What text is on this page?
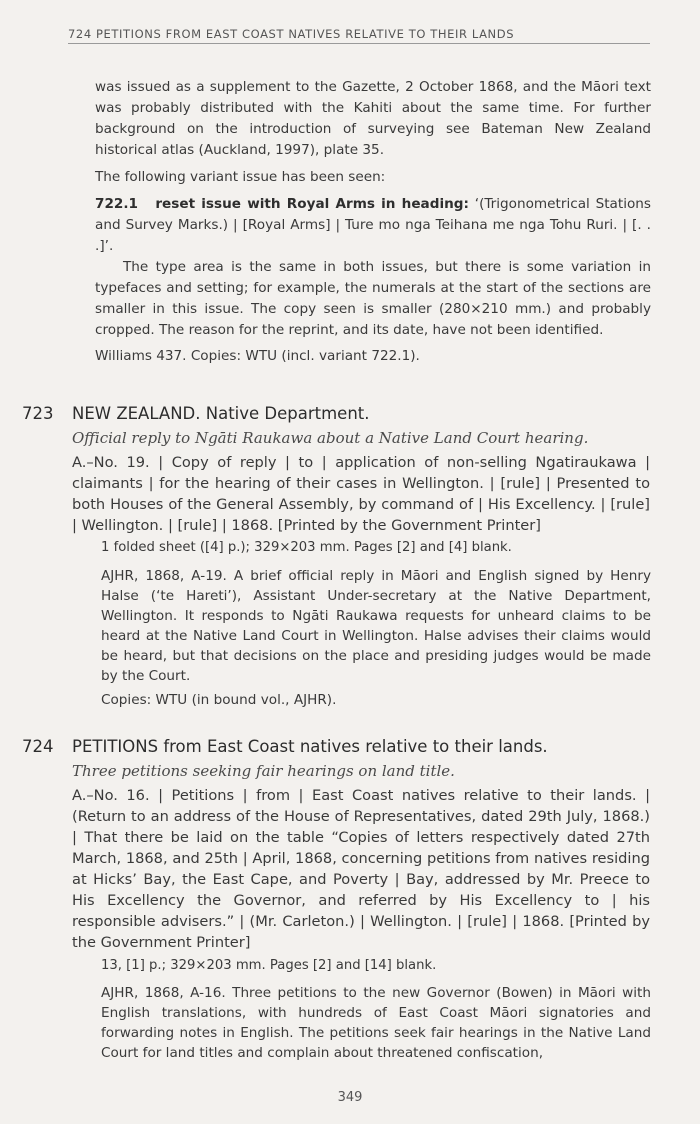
724 PETITIONS FROM EAST COAST NATIVES RELATIVE TO THEIR LANDS

was issued as a supplement to the Gazette, 2 October 1868, and the Māori text was probably distributed with the Kahiti about the same time. For further background on the introduction of surveying see Bateman New Zealand historical atlas (Auckland, 1997), plate 35.

The following variant issue has been seen:

722.1 reset issue with Royal Arms in heading: ‘(Trigonometrical Stations and Survey Marks.) | [Royal Arms] | Ture mo nga Teihana me nga Tohu Ruri. | [. . .]’.

The type area is the same in both issues, but there is some variation in typefaces and setting; for example, the numerals at the start of the sections are smaller in this issue. The copy seen is smaller (280×210 mm.) and probably cropped. The reason for the reprint, and its date, have not been identified.

Williams 437. Copies: WTU (incl. variant 722.1).

723 NEW ZEALAND. Native Department.
Official reply to Ngāti Raukawa about a Native Land Court hearing.
A.–No. 19. | Copy of reply | to | application of non-selling Ngatiraukawa | claimants | for the hearing of their cases in Wellington. | [rule] | Presented to both Houses of the General Assembly, by command of | His Excellency. | [rule] | Wellington. | [rule] | 1868. [Printed by the Government Printer]
1 folded sheet ([4] p.); 329×203 mm. Pages [2] and [4] blank.
AJHR, 1868, A-19. A brief official reply in Māori and English signed by Henry Halse (‘te Hareti’), Assistant Under-secretary at the Native Department, Wellington. It responds to Ngāti Raukawa requests for unheard claims to be heard at the Native Land Court in Wellington. Halse advises their claims would be heard, but that decisions on the place and presiding judges would be made by the Court.
Copies: WTU (in bound vol., AJHR).
724 PETITIONS from East Coast natives relative to their lands.
Three petitions seeking fair hearings on land title.
A.–No. 16. | Petitions | from | East Coast natives relative to their lands. | (Return to an address of the House of Representatives, dated 29th July, 1868.) | That there be laid on the table “Copies of letters respectively dated 27th March, 1868, and 25th | April, 1868, concerning petitions from natives residing at Hicks’ Bay, the East Cape, and Poverty | Bay, addressed by Mr. Preece to His Excellency the Governor, and referred by His Excellency to | his responsible advisers.” | (Mr. Carleton.) | Wellington. | [rule] | 1868. [Printed by the Government Printer]
13, [1] p.; 329×203 mm. Pages [2] and [14] blank.
AJHR, 1868, A-16. Three petitions to the new Governor (Bowen) in Māori with English translations, with hundreds of East Coast Māori signatories and forwarding notes in English. The petitions seek fair hearings in the Native Land Court for land titles and complain about threatened confiscation,
349
